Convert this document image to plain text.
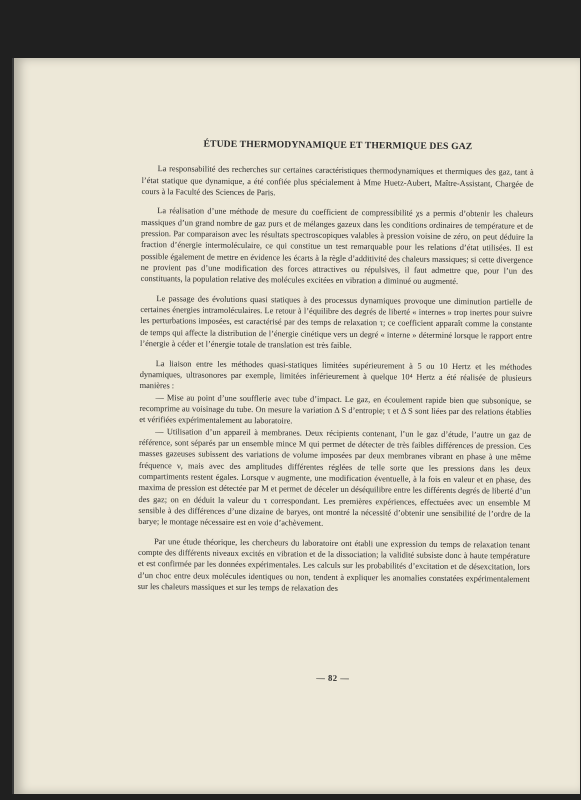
ÉTUDE THERMODYNAMIQUE ET THERMIQUE DES GAZ

La responsabilité des recherches sur certaines caractéristiques thermodynamiques et thermiques des gaz, tant à l’état statique que dynamique, a été confiée plus spécialement à Mme Huetz-Aubert, Maître-Assistant, Chargée de cours à la Faculté des Sciences de Paris.

La réalisation d’une méthode de mesure du coefficient de compressibilité χs a permis d’obtenir les chaleurs massiques d’un grand nombre de gaz purs et de mélanges gazeux dans les conditions ordinaires de température et de pression. Par comparaison avec les résultats spectroscopiques valables à pression voisine de zéro, on peut déduire la fraction d’énergie intermoléculaire, ce qui constitue un test remarquable pour les relations d’état utilisées. Il est possible également de mettre en évidence les écarts à la règle d’additivité des chaleurs massiques; si cette divergence ne provient pas d’une modification des forces attractives ou répulsives, il faut admettre que, pour l’un des constituants, la population relative des molécules excitées en vibration a diminué ou augmenté.

Le passage des évolutions quasi statiques à des processus dynamiques provoque une diminution partielle de certaines énergies intramoléculaires. Le retour à l’équilibre des degrés de liberté « internes » trop inertes pour suivre les perturbations imposées, est caractérisé par des temps de relaxation τ; ce coefficient apparaît comme la constante de temps qui affecte la distribution de l’énergie cinétique vers un degré « interne » déterminé lorsque le rapport entre l’énergie à céder et l’énergie totale de translation est très faible.

La liaison entre les méthodes quasi-statiques limitées supérieurement à 5 ou 10 Hertz et les méthodes dynamiques, ultrasonores par exemple, limitées inférieurement à quelque 10⁴ Hertz a été réalisée de plusieurs manières :

— Mise au point d’une soufflerie avec tube d’impact. Le gaz, en écoulement rapide bien que subsonique, se recomprime au voisinage du tube. On mesure la variation Δ S d’entropie; τ et Δ S sont liées par des relations établies et vérifiées expérimentalement au laboratoire.

— Utilisation d’un appareil à membranes. Deux récipients contenant, l’un le gaz d’étude, l’autre un gaz de référence, sont séparés par un ensemble mince M qui permet de détecter de très faibles différences de pression. Ces masses gazeuses subissent des variations de volume imposées par deux membranes vibrant en phase à une même fréquence ν, mais avec des amplitudes différentes réglées de telle sorte que les pressions dans les deux compartiments restent égales. Lorsque ν augmente, une modification éventuelle, à la fois en valeur et en phase, des maxima de pression est détectée par M et permet de déceler un déséquilibre entre les différents degrés de liberté d’un des gaz; on en déduit la valeur du τ correspondant. Les premières expériences, effectuées avec un ensemble M sensible à des différences d’une dizaine de baryes, ont montré la nécessité d’obtenir une sensibilité de l’ordre de la barye; le montage nécessaire est en voie d’achèvement.

Par une étude théorique, les chercheurs du laboratoire ont établi une expression du temps de relaxation tenant compte des différents niveaux excités en vibration et de la dissociation; la validité subsiste donc à haute température et est confirmée par les données expérimentales. Les calculs sur les probabilités d’excitation et de désexcitation, lors d’un choc entre deux molécules identiques ou non, tendent à expliquer les anomalies constatées expérimentalement sur les chaleurs massiques et sur les temps de relaxation des

— 82 —
